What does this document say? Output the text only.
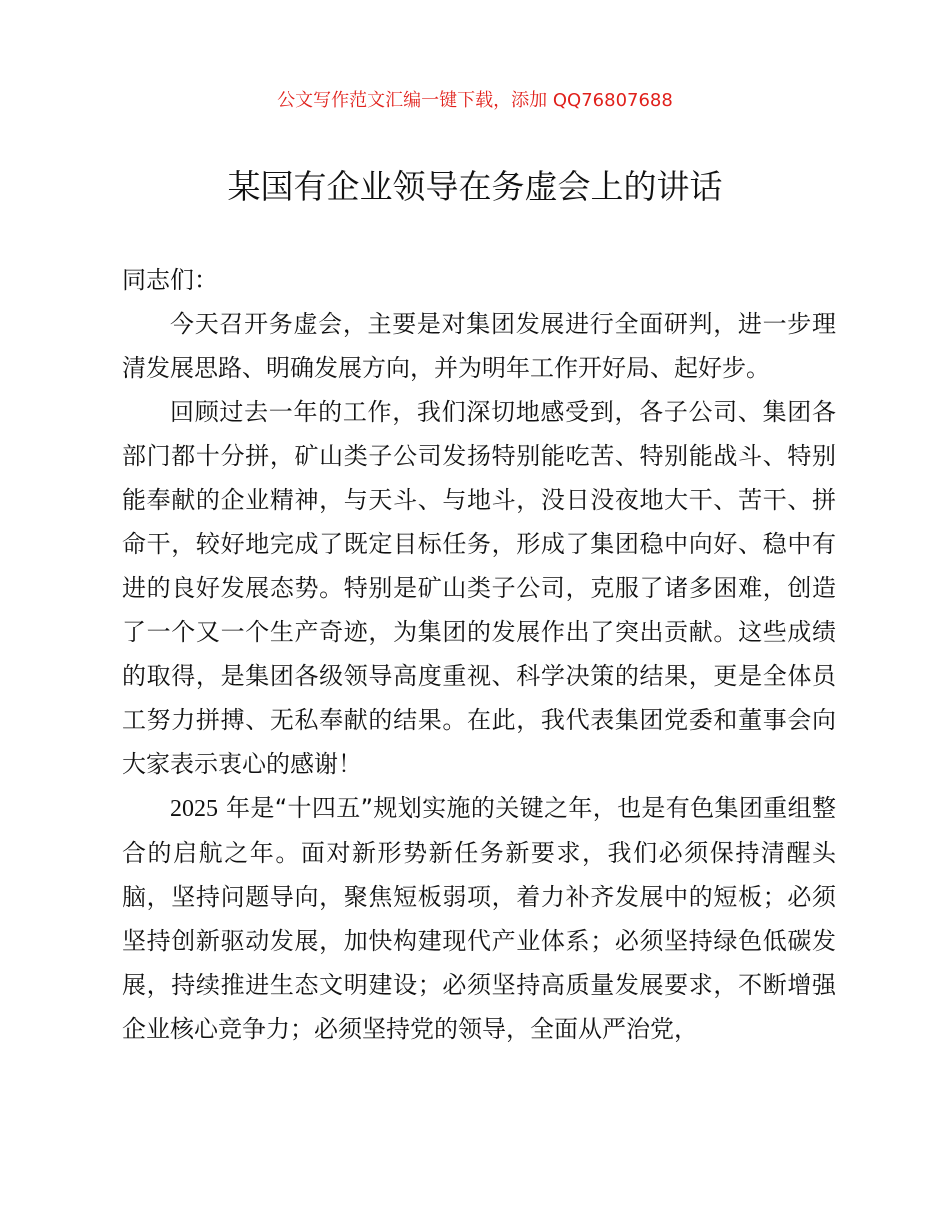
公文写作范文汇编一键下载，添加 QQ76807688
某国有企业领导在务虚会上的讲话

同志们：

今天召开务虚会，主要是对集团发展进行全面研判，进一步理清发展思路、明确发展方向，并为明年工作开好局、起好步。

回顾过去一年的工作，我们深切地感受到，各子公司、集团各部门都十分拼，矿山类子公司发扬特别能吃苦、特别能战斗、特别能奉献的企业精神，与天斗、与地斗，没日没夜地大干、苦干、拼命干，较好地完成了既定目标任务，形成了集团稳中向好、稳中有进的良好发展态势。特别是矿山类子公司，克服了诸多困难，创造了一个又一个生产奇迹，为集团的发展作出了突出贡献。这些成绩的取得，是集团各级领导高度重视、科学决策的结果，更是全体员工努力拼搏、无私奉献的结果。在此，我代表集团党委和董事会向大家表示衷心的感谢！

2025 年是“十四五”规划实施的关键之年，也是有色集团重组整合的启航之年。面对新形势新任务新要求，我们必须保持清醒头脑，坚持问题导向，聚焦短板弱项，着力补齐发展中的短板；必须坚持创新驱动发展，加快构建现代产业体系；必须坚持绿色低碳发展，持续推进生态文明建设；必须坚持高质量发展要求，不断增强企业核心竞争力；必须坚持党的领导，全面从严治党，
